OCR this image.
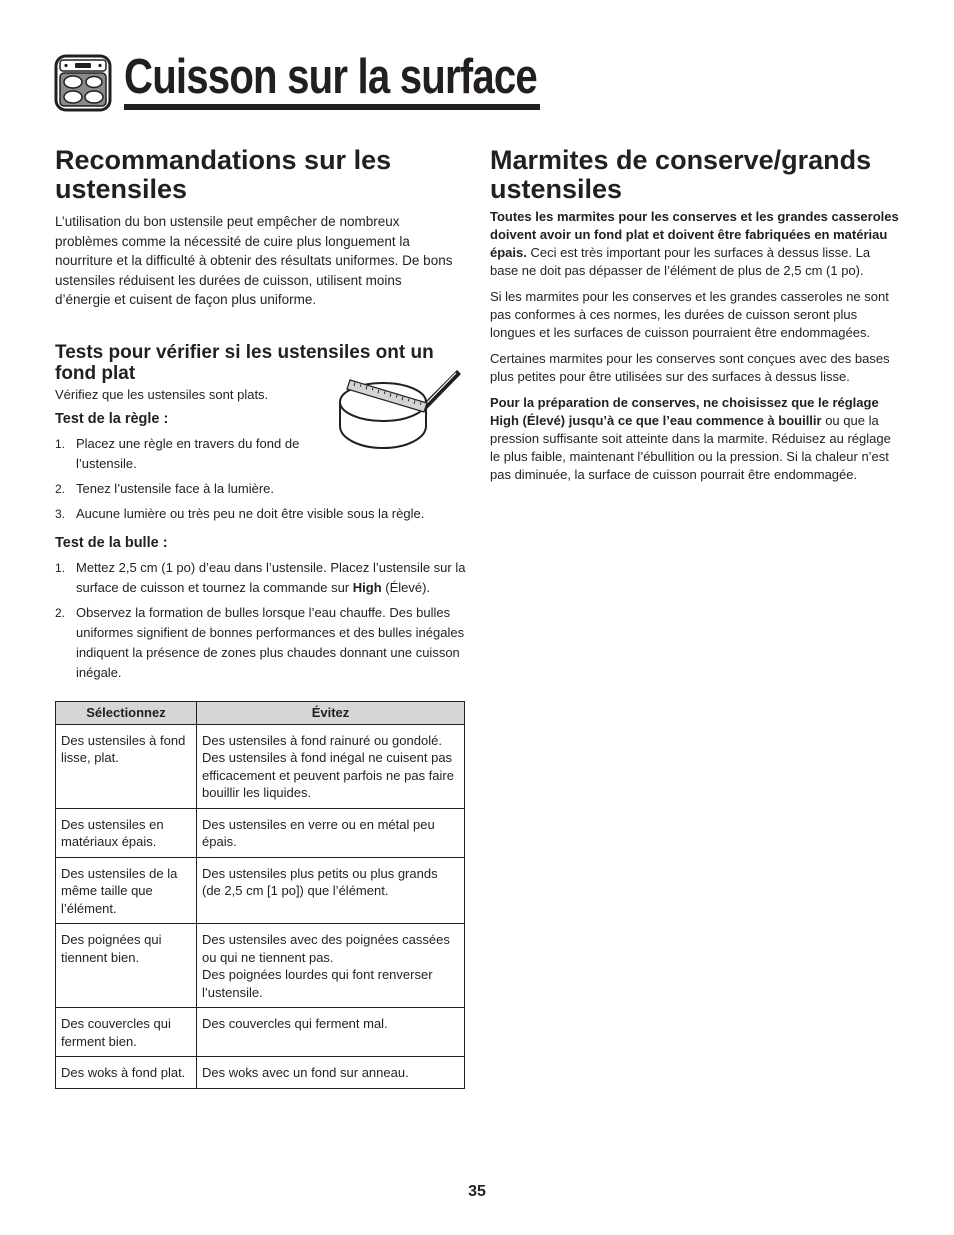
Cuisson sur la surface
Recommandations sur les ustensiles

L’utilisation du bon ustensile peut empêcher de nombreux problèmes comme la nécessité de cuire plus longuement la nourriture et la difficulté à obtenir des résultats uniformes. De bons ustensiles réduisent les durées de cuisson, utilisent moins d’énergie et cuisent de façon plus uniforme.

Tests pour vérifier si les ustensiles ont un fond plat

Vérifiez que les ustensiles sont plats.

Test de la règle :
1. Placez une règle en travers du fond de l’ustensile.
2. Tenez l’ustensile face à la lumière.
3. Aucune lumière ou très peu ne doit être visible sous la règle.
Test de la bulle :
1. Mettez 2,5 cm (1 po) d’eau dans l’ustensile. Placez l’ustensile sur la surface de cuisson et tournez la commande sur High (Élevé).
2. Observez la formation de bulles lorsque l’eau chauffe. Des bulles uniformes signifient de bonnes performances et des bulles inégales indiquent la présence de zones plus chaudes donnant une cuisson inégale.
Sélectionnez	Évitez
Des ustensiles à fond lisse, plat.	Des ustensiles à fond rainuré ou gondolé.
Des ustensiles à fond inégal ne cuisent pas efficacement et peuvent parfois ne pas faire bouillir les liquides.

Des ustensiles en matériaux épais.	Des ustensiles en verre ou en métal peu épais.

Des ustensiles de la même taille que l’élément.	Des ustensiles plus petits ou plus grands (de 2,5 cm [1 po]) que l’élément.

Des poignées qui tiennent bien.	Des ustensiles avec des poignées cassées ou qui ne tiennent pas.
Des poignées lourdes qui font renverser l’ustensile.

Des couvercles qui ferment bien.	Des couvercles qui ferment mal.

Des woks à fond plat.	Des woks avec un fond sur anneau.
Marmites de conserve/grands ustensiles

Toutes les marmites pour les conserves et les grandes casseroles doivent avoir un fond plat et doivent être fabriquées en matériau épais. Ceci est très important pour les surfaces à dessus lisse. La base ne doit pas dépasser de l’élément de plus de 2,5 cm (1 po).

Si les marmites pour les conserves et les grandes casseroles ne sont pas conformes à ces normes, les durées de cuisson seront plus longues et les surfaces de cuisson pourraient être endommagées.

Certaines marmites pour les conserves sont conçues avec des bases plus petites pour être utilisées sur des surfaces à dessus lisse.

Pour la préparation de conserves, ne choisissez que le réglage High (Élevé) jusqu’à ce que l’eau commence à bouillir ou que la pression suffisante soit atteinte dans la marmite. Réduisez au réglage le plus faible, maintenant l’ébullition ou la pression. Si la chaleur n’est pas diminuée, la surface de cuisson pourrait être endommagée.

35
